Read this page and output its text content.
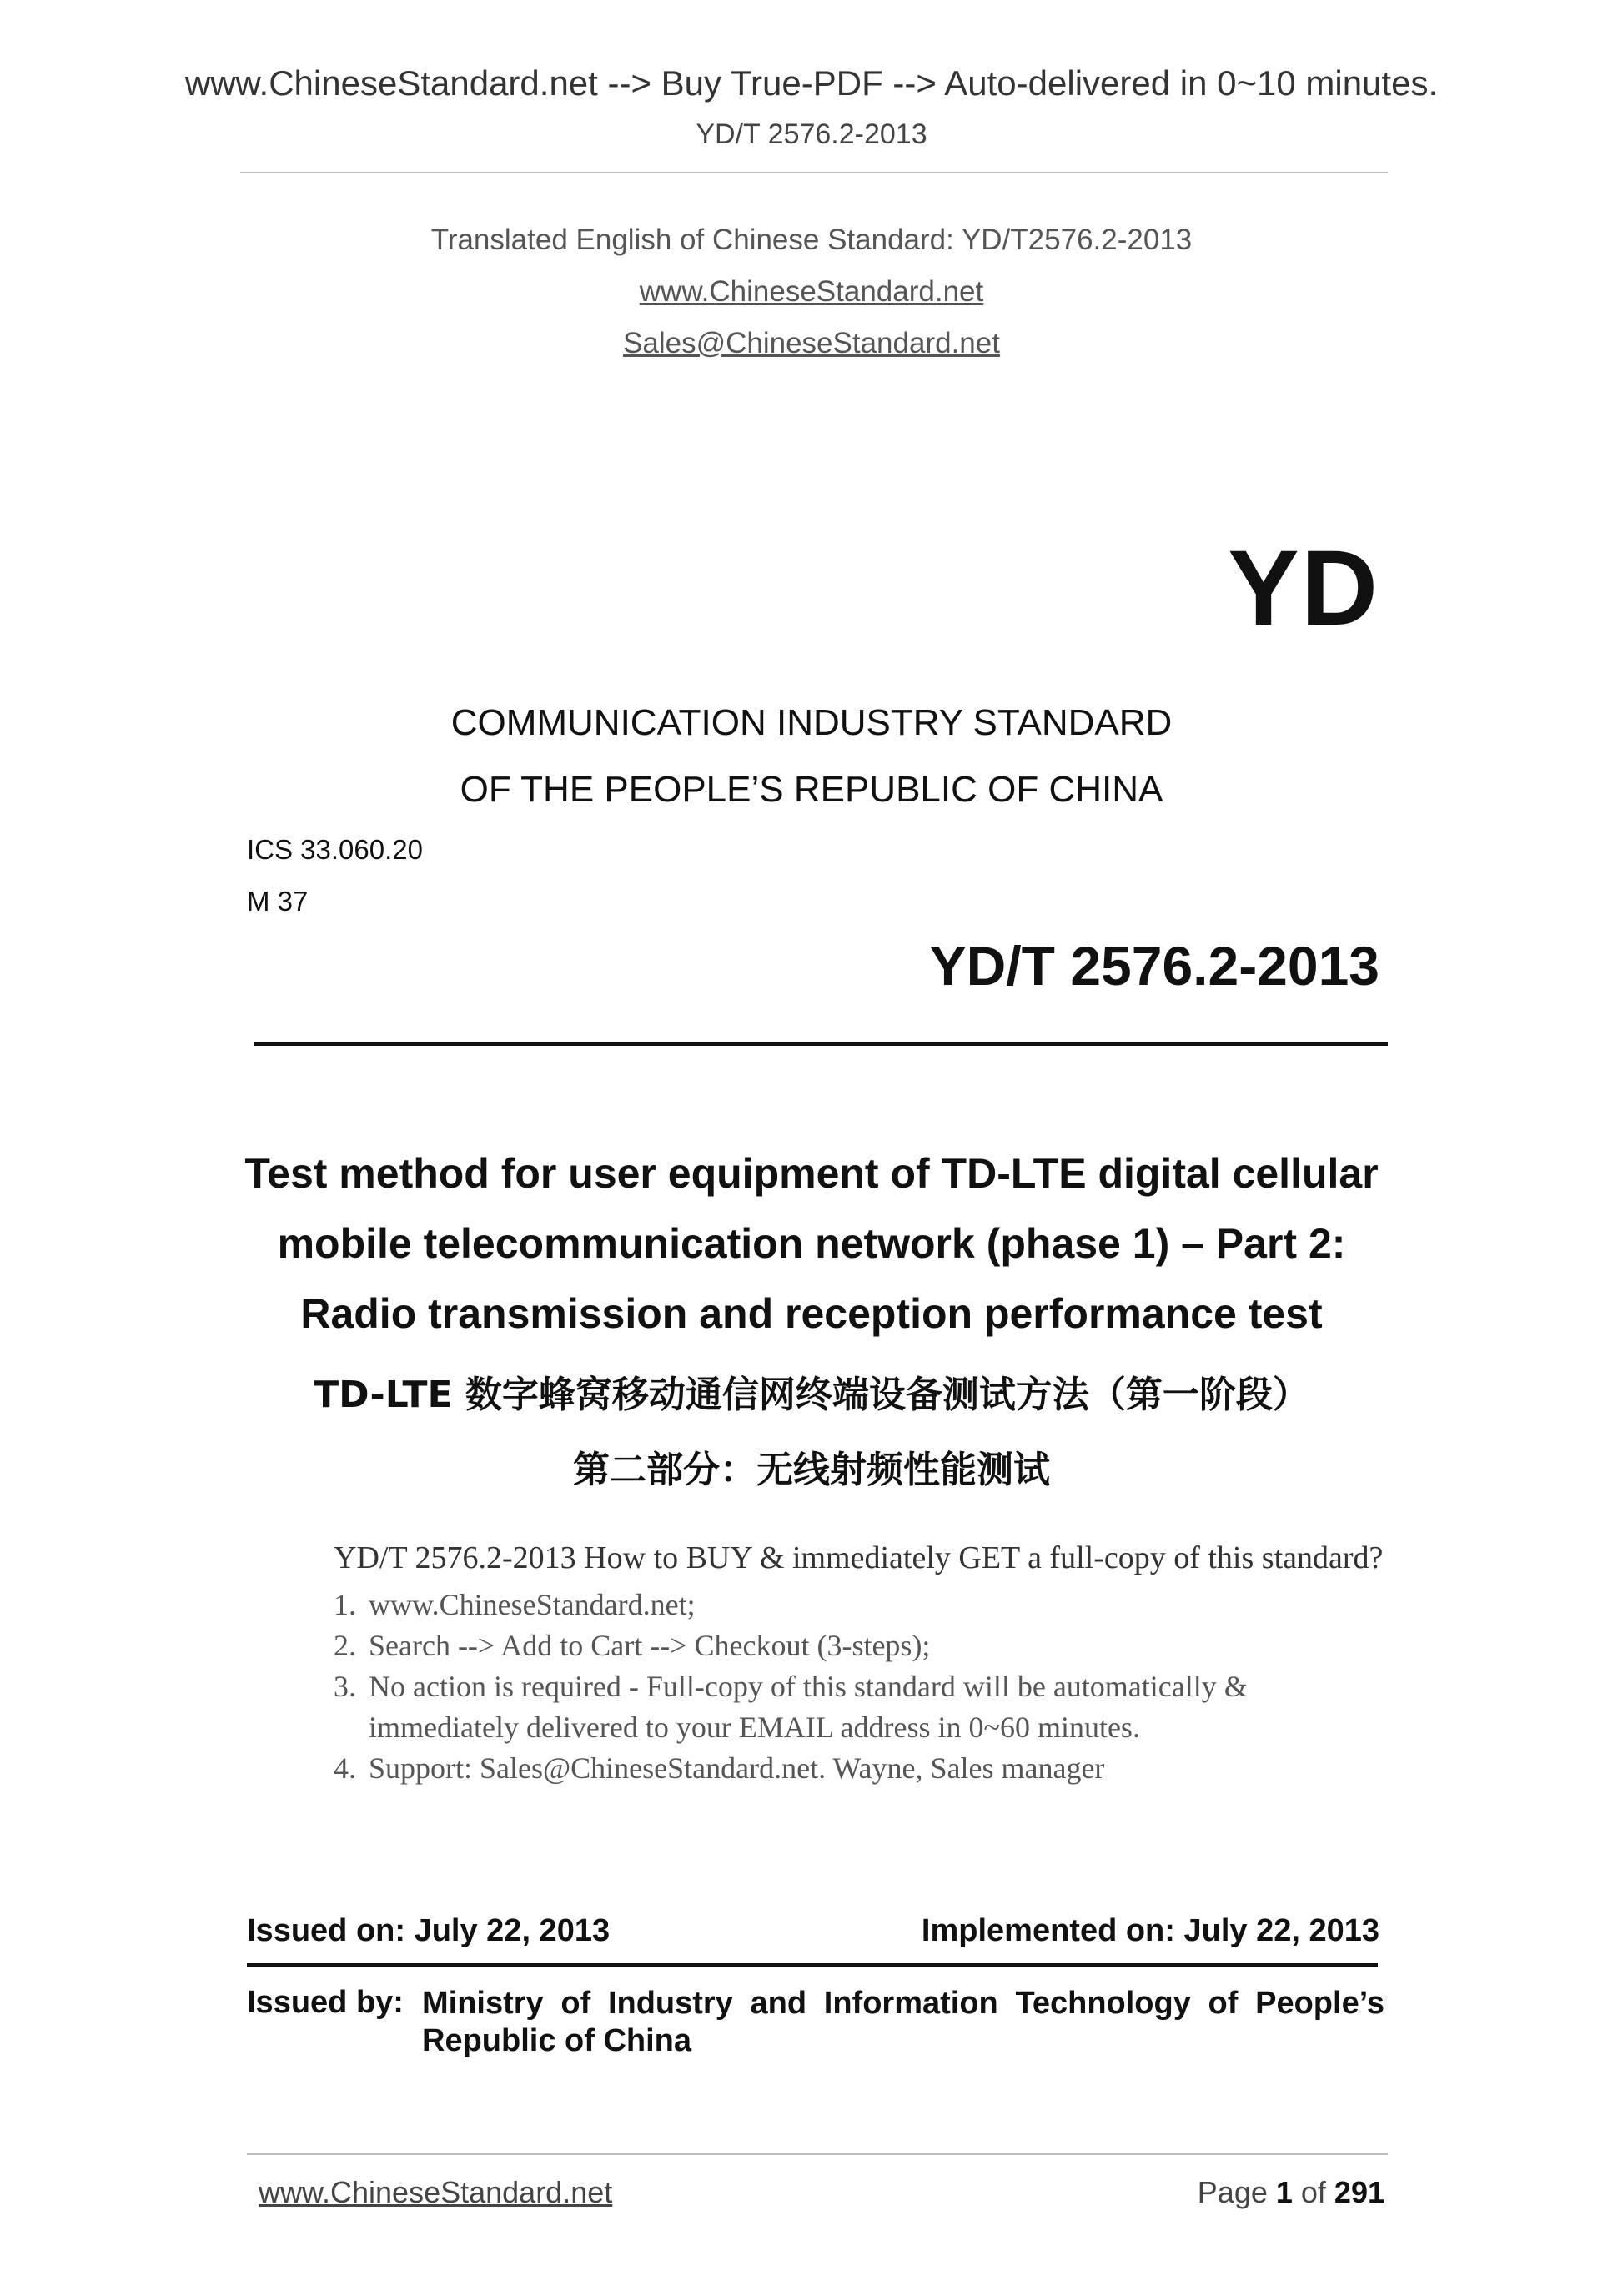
www.ChineseStandard.net --> Buy True-PDF --> Auto-delivered in 0~10 minutes.
YD/T 2576.2-2013
Translated English of Chinese Standard: YD/T2576.2-2013
www.ChineseStandard.net
Sales@ChineseStandard.net
YD
COMMUNICATION INDUSTRY STANDARD
OF THE PEOPLE’S REPUBLIC OF CHINA
ICS 33.060.20
M 37
YD/T 2576.2-2013
Test method for user equipment of TD-LTE digital cellular
mobile telecommunication network (phase 1) – Part 2:
Radio transmission and reception performance test
TD-LTE 数字蜂窝移动通信网终端设备测试方法（第一阶段）
第二部分：无线射频性能测试
YD/T 2576.2-2013 How to BUY & immediately GET a full-copy of this standard?
1. www.ChineseStandard.net;
2. Search --> Add to Cart --> Checkout (3-steps);
3. No action is required - Full-copy of this standard will be automatically & immediately delivered to your EMAIL address in 0~60 minutes.
4. Support: Sales@ChineseStandard.net. Wayne, Sales manager
Issued on: July 22, 2013	Implemented on: July 22, 2013
Issued by: Ministry of Industry and Information Technology of People’s Republic of China
www.ChineseStandard.net	Page 1 of 291
